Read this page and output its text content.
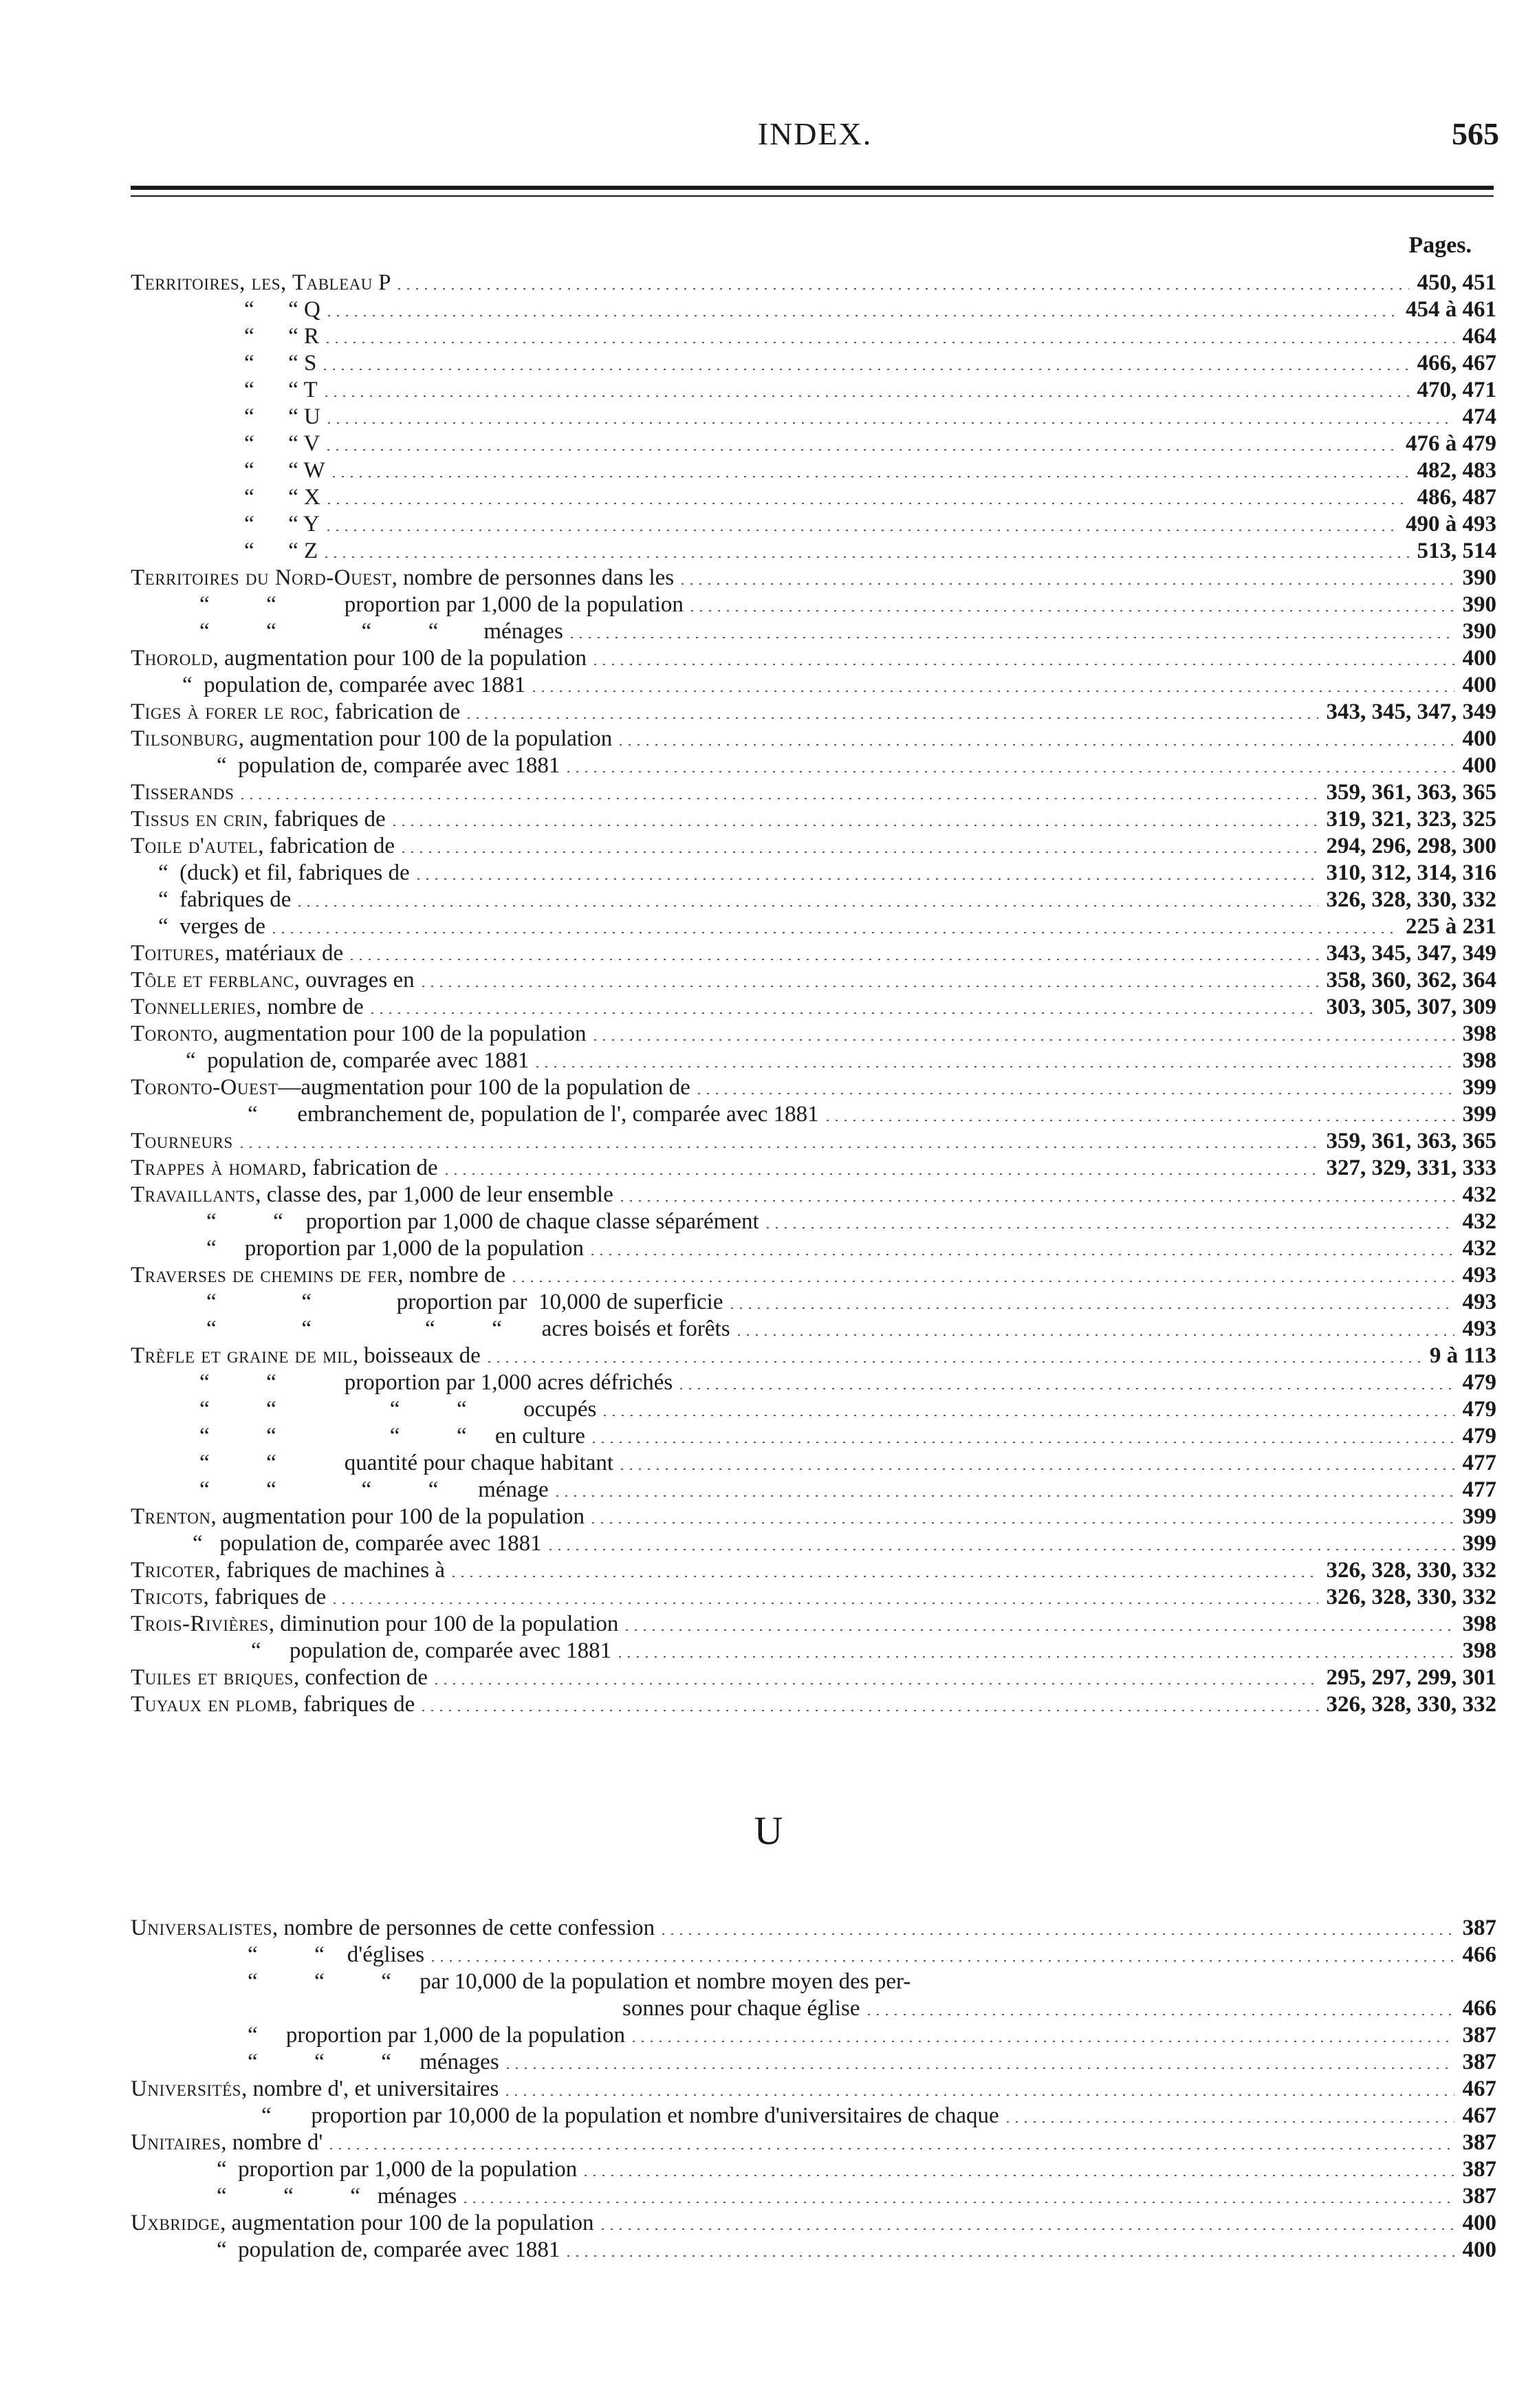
INDEX.	565
Pages.
Territoires, les, Tableau P	450, 451
“      “ Q	454 à 461
“      “ R	464
“      “ S	466, 467
“      “ T	470, 471
“      “ U	474
“      “ V	476 à 479
“      “ W	482, 483
“      “ X	486, 487
“      “ Y	490 à 493
“      “ Z	513, 514
Territoires du Nord-Ouest, nombre de personnes dans les	390
“          “            proportion par 1,000 de la population	390
“          “               “          “        ménages	390
Thorold, augmentation pour 100 de la population	400
“  population de, comparée avec 1881	400
Tiges à forer le roc, fabrication de	343, 345, 347, 349
Tilsonburg, augmentation pour 100 de la population	400
“  population de, comparée avec 1881	400
Tisserands	359, 361, 363, 365
Tissus en crin, fabriques de	319, 321, 323, 325
Toile d'autel, fabrication de	294, 296, 298, 300
“  (duck) et fil, fabriques de	310, 312, 314, 316
“  fabriques de	326, 328, 330, 332
“  verges de	225 à 231
Toitures, matériaux de	343, 345, 347, 349
Tôle et ferblanc, ouvrages en	358, 360, 362, 364
Tonnelleries, nombre de	303, 305, 307, 309
Toronto, augmentation pour 100 de la population	398
“  population de, comparée avec 1881	398
Toronto-Ouest—augmentation pour 100 de la population de	399
“       embranchement de, population de l', comparée avec 1881	399
Tourneurs	359, 361, 363, 365
Trappes à homard, fabrication de	327, 329, 331, 333
Travaillants, classe des, par 1,000 de leur ensemble	432
“          “    proportion par 1,000 de chaque classe séparément	432
“     proportion par 1,000 de la population	432
Traverses de chemins de fer, nombre de	493
“               “               proportion par  10,000 de superficie	493
“               “                    “          “       acres boisés et forêts	493
Trèfle et graine de mil, boisseaux de	9 à 113
“          “            proportion par 1,000 acres défrichés	479
“          “                    “          “          occupés	479
“          “                    “          “     en culture	479
“          “            quantité pour chaque habitant	477
“          “               “          “       ménage	477
Trenton, augmentation pour 100 de la population	399
“   population de, comparée avec 1881	399
Tricoter, fabriques de machines à	326, 328, 330, 332
Tricots, fabriques de	326, 328, 330, 332
Trois-Rivières, diminution pour 100 de la population	398
“     population de, comparée avec 1881	398
Tuiles et briques, confection de	295, 297, 299, 301
Tuyaux en plomb, fabriques de	326, 328, 330, 332
U
Universalistes, nombre de personnes de cette confession	387
“          “    d'églises	466
“          “          “     par 10,000 de la population et nombre moyen des per-
sonnes pour chaque église	466
“     proportion par 1,000 de la population	387
“          “          “     ménages	387
Universités, nombre d', et universitaires	467
“       proportion par 10,000 de la population et nombre d'universitaires de chaque	467
Unitaires, nombre d'	387
“  proportion par 1,000 de la population	387
“          “          “   ménages	387
Uxbridge, augmentation pour 100 de la population	400
“  population de, comparée avec 1881	400
